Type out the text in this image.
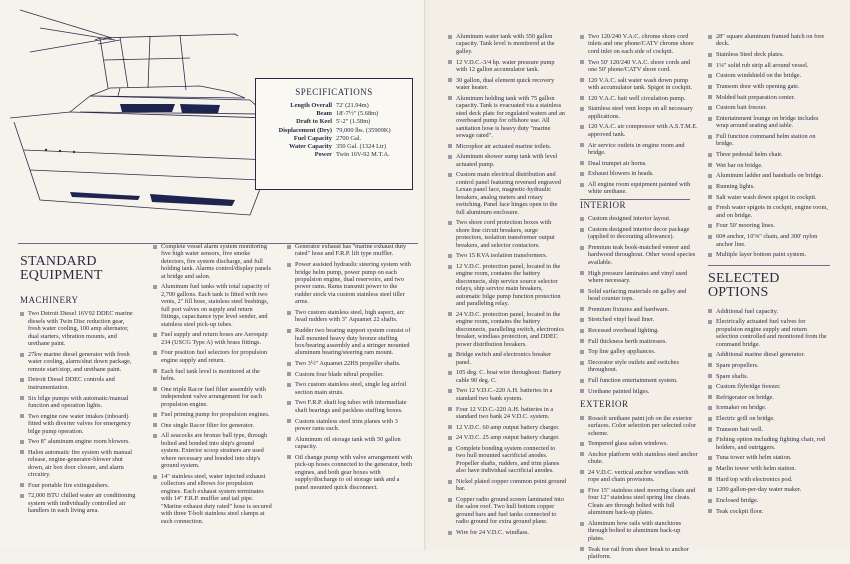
SPECIFICATIONS
Length Overall 72' (21.94m)
Beam 18'-7½" (5.68m)
Draft to Keel 5'-2" (1.58m)
Displacement (Dry) 79,000 lbs. (35909K)
Fuel Capacity 2700 Gal.
Water Capacity 350 Gal. (1324 Ltr)
Power Twin 16V-92 M.T.A.
STANDARD
EQUIPMENT
MACHINERY
Two Detroit Diesel 16V92 DDEC marine diesels with Twin Disc reduction gear, fresh water cooling, 100 amp alternator, dual starters, vibration mounts, and urethane paint.
27kw marine diesel generator with fresh water cooling, alarm/shut down package, remote start/stop, and urethane paint.
Detroit Diesel DDEC controls and instrumentation.
Six bilge pumps with automatic/manual function and operation lights.
Two engine raw water intakes (inboard) fitted with diverter valves for emergency bilge pump operation.
Two 8" aluminum engine room blowers.
Halon automatic fire system with manual release, engine-generator-blower shut down, air box door closure, and alarm circuitry.
Four portable fire extinguishers.
72,000 BTU chilled water air conditioning system with individually controlled air handlers in each living area.
Complete vessel alarm system monitoring five high water sensors, five smoke detectors, fire system discharge, and full holding tank. Alarms control/display panels at bridge and salon.
Aluminum fuel tanks with total capacity of 2,700 gallons. Each tank is fitted with two vents, 2" fill hose, stainless steel bushings, full port valves on supply and return fittings, capacitance type level sender, and stainless steel pick-up tubes.
Fuel supply and return hoses are Aeroquip 234 (USCG Type A) with brass fittings.
Four position fuel selectors for propulsion engine supply and return.
Each fuel tank level is monitored at the helm.
One triple Racor fuel filter assembly with independent valve arrangement for each propulsion engine.
Fuel priming pump for propulsion engines.
One single Racor filter for generator.
All seacocks are bronze ball type, through bolted and bonded into ship's ground system. Exterior scoop strainers are used where necessary and bonded into ship's ground system.
14" stainless steel, water injected exhaust collectors and elbows for propulsion engines. Each exhaust system terminates with 14" F.R.P. muffler and tail pipe. "Marine exhaust duty rated" hose is secured with three T-bolt stainless steel clamps at each connection.
Generator exhaust has "marine exhaust duty rated" hose and F.R.P. lift type muffler.
Power assisted hydraulic steering system with bridge helm pump, power pump on each propulsion engine, dual reservoirs, and two power rams. Rams transmit power to the rudder stock via custom stainless steel tiller arms.
Two custom stainless steel, high aspect, arc head rudders with 3" Aquamet 22 shafts.
Rudder two bearing support system consist of hull mounted heavy duty bronze stuffing box/bearing assembly and a stringer mounted aluminum bearing/steering ram mount.
Two 3½" Aquamet 22HS propeller shafts.
Custom four blade nibral propeller.
Two custom stainless steel, single leg airfoil section main struts.
Two F.R.P. shaft log tubes with intermediate shaft bearings and packless stuffing boxes.
Custom stainless steel trim planes with 3 power rams each.
Aluminum oil storage tank with 50 gallon capacity.
Oil change pump with valve arrangement with pick-up hoses connected to the generator, both engines, and both gear boxes with supply/discharge to oil storage tank and a panel mounted quick disconnect.
Aluminum water tank with 350 gallon capacity. Tank level is monitored at the galley.
12 V.D.C.-3/4 hp. water pressure pump with 12 gallon accumulator tank.
30 gallon, dual element quick recovery water heater.
Aluminum holding tank with 75 gallon capacity. Tank is evacuated via a stainless steel deck plate for regulated waters and an overboard pump for offshore use. All sanitation hose is heavy duty "marine sewage rated".
Microphor air actuated marine toilets.
Aluminum shower sump tank with level actuated pump.
Custom main electrical distribution and control panel featuring reversed engraved Lexan panel face, magnetic-hydraulic breakers, analog meters and rotary switching. Panel face hinges open to the full aluminum enclosure.
Two shore cord protection boxes with shore line circuit breakers, surge protectors, isolation transformer output breakers, and selector contactors.
Two 15 KVA isolation transformers.
12 V.D.C. protection panel, located in the engine room, contains the battery disconnects, ship service source selector relays, ship service main breakers, automatic bilge pump function protection and paralleling relay.
24 V.D.C. protection panel, located in the engine room, contains the battery disconnects, paralleling switch, electronics breaker, windlass protection, and DDEC power distribution breakers.
Bridge switch and electronics breaker panel.
105 deg. C. boat wire throughout: Battery cable 90 deg. C.
Two 12 V.D.C.-220 A.H. batteries in a standard two bank system.
Four 12 V.D.C.-220 A.H. batteries in a standard two bank 24 V.D.C. system.
12 V.D.C. 60 amp output battery charger.
24 V.D.C. 25 amp output battery charger.
Complete bonding system connected to two hull mounted sacrificial anodes. Propeller shafts, rudders, and trim planes also have individual sacrificial anodes.
Nickel plated copper common point ground bar.
Copper radio ground screen laminated into the salon roof. Two hull bottom copper ground bars and fuel tanks connected to radio ground for extra ground plane.
Wire for 24 V.D.C. windlass.
Two 120/240 V.A.C. chrome shore cord inlets and one phone/CATV chrome shore cord inlet on each side of cockpit.
Two 50' 120/240 V.A.C. shore cords and one 50' phone/CATV shore cord.
120 V.A.C. salt water wash down pump with accumulator tank. Spigot in cockpit.
120 V.A.C. bait well circulation pump.
Stainless steel vent loops on all necessary applications.
120 V.A.C. air compressor with A.S.T.M.E. approved tank.
Air service outlets in engine room and bridge.
Dual trumpet air horns.
Exhaust blowers in heads.
All engine room equipment painted with white urethane.
INTERIOR
Custom designed interior layout.
Custom designed interior decor package (applied to decorating allowance).
Premium teak book-matched veneer and hardwood throughout. Other wood species available.
High pressure laminates and vinyl used where necessary.
Solid surfacing materials on galley and head counter tops.
Premium fixtures and hardware.
Stretched vinyl head liner.
Recessed overhead lighting.
Full thickness berth mattresses.
Top line galley appliances.
Decorator style outlets and switches throughout.
Full function entertainment system.
Urethane painted bilges.
EXTERIOR
Rossoli urethane paint job on the exterior surfaces. Color selection per selected color scheme.
Tempered glass salon windows.
Anchor platform with stainless steel anchor chute.
24 V.D.C. vertical anchor windlass with rope and chain provisions.
Five 15" stainless steel mooring cleats and four 12" stainless steel spring line cleats. Cleats are through bolted with full aluminum back-up plates.
Aluminum bow rails with stanchions through bolted to aluminum back-up plates.
Teak toe rail from sheer break to anchor platform.
28" square aluminum framed hatch on fore deck.
Stainless Steel deck plates.
1¼" solid rub strip all around vessel.
Custom windshield on the bridge.
Transom door with opening gate.
Molded bait preparation center.
Custom bait freezer.
Entertainment lounge on bridge includes wrap around seating and table.
Full function command helm station on bridge.
Three pedestal helm chair.
Wet bar on bridge.
Aluminum ladder and handrails on bridge.
Running lights.
Salt water wash down spigot in cockpit.
Fresh water spigots in cockpit, engine room, and on bridge.
Four 50' mooring lines.
60# anchor, 10'⅜" chain, and 300' nylon anchor line.
Multiple layer bottom paint system.
SELECTED
OPTIONS
Additional fuel capacity.
Electrically actuated fuel valves for propulsion engine supply and return selection controlled and monitored from the command bridge.
Additional marine diesel generator.
Spare propellers.
Spare shafts.
Custom flybridge freezer.
Refrigerator on bridge.
Icemaker on bridge.
Electric grill on bridge.
Transom bait well.
Fishing option including fighting chair, rod holders, and outriggers.
Tuna tower with helm station.
Marlin tower with helm station.
Hard top with electronics pod.
1200 gallon-per-day water maker.
Enclosed bridge.
Teak cockpit floor.
